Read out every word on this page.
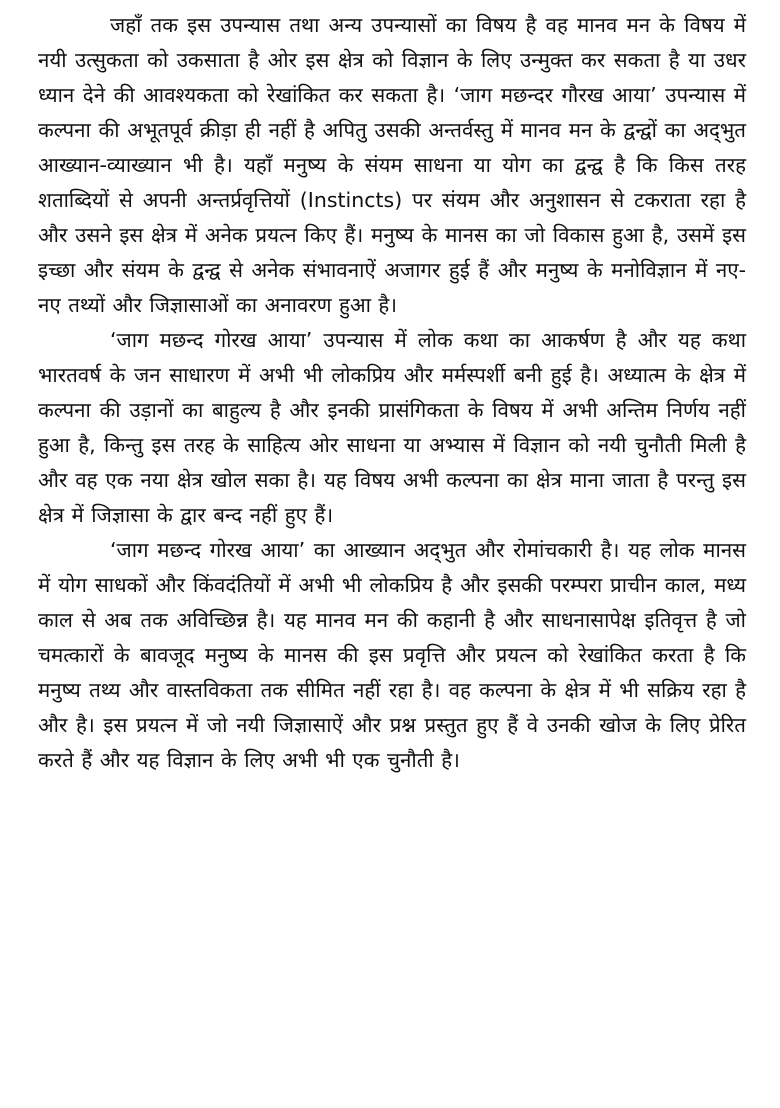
जहाँ तक इस उपन्यास तथा अन्य उपन्यासों का विषय है वह मानव मन के विषय में नयी उत्सुकता को उकसाता है ओर इस क्षेत्र को विज्ञान के लिए उन्मुक्त कर सकता है या उधर ध्यान देने की आवश्यकता को रेखांकित कर सकता है। ‘जाग मछन्दर गौरख आया’ उपन्यास में कल्पना की अभूतपूर्व क्रीड़ा ही नहीं है अपितु उसकी अन्तर्वस्तु में मानव मन के द्वन्द्वों का अद्‌भुत आख्यान-व्याख्यान भी है। यहाँ मनुष्य के संयम साधना या योग का द्वन्द्व है कि किस तरह शताब्दियों से अपनी अन्तर्प्रवृत्तियों (Instincts) पर संयम और अनुशासन से टकराता रहा है और उसने इस क्षेत्र में अनेक प्रयत्न किए हैं। मनुष्य के मानस का जो विकास हुआ है, उसमें इस इच्छा और संयम के द्वन्द्व से अनेक संभावनाऐं अजागर हुई हैं और मनुष्य के मनोविज्ञान में नए-नए तथ्यों और जिज्ञासाओं का अनावरण हुआ है।

‘जाग मछन्द गोरख आया’ उपन्यास में लोक कथा का आकर्षण है और यह कथा भारतवर्ष के जन साधारण में अभी भी लोकप्रिय और मर्मस्पर्शी बनी हुई है। अध्यात्म के क्षेत्र में कल्पना की उड़ानों का बाहुल्य है और इनकी प्रासंगिकता के विषय में अभी अन्तिम निर्णय नहीं हुआ है, किन्तु इस तरह के साहित्य ओर साधना या अभ्यास में विज्ञान को नयी चुनौती मिली है और वह एक नया क्षेत्र खोल सका है। यह विषय अभी कल्पना का क्षेत्र माना जाता है परन्तु इस क्षेत्र में जिज्ञासा के द्वार बन्द नहीं हुए हैं।

‘जाग मछन्द गोरख आया’ का आख्यान अद्‌भुत और रोमांचकारी है। यह लोक मानस में योग साधकों और किंवदंतियों में अभी भी लोकप्रिय है और इसकी परम्परा प्राचीन काल, मध्य काल से अब तक अविच्छिन्न है। यह मानव मन की कहानी है और साधनासापेक्ष इतिवृत्त है जो चमत्कारों के बावजूद मनुष्य के मानस की इस प्रवृत्ति और प्रयत्न को रेखांकित करता है कि मनुष्य तथ्य और वास्तविकता तक सीमित नहीं रहा है। वह कल्पना के क्षेत्र में भी सक्रिय रहा है और है। इस प्रयत्न में जो नयी जिज्ञासाऐं और प्रश्न प्रस्तुत हुए हैं वे उनकी खोज के लिए प्रेरित करते हैं और यह विज्ञान के लिए अभी भी एक चुनौती है।
